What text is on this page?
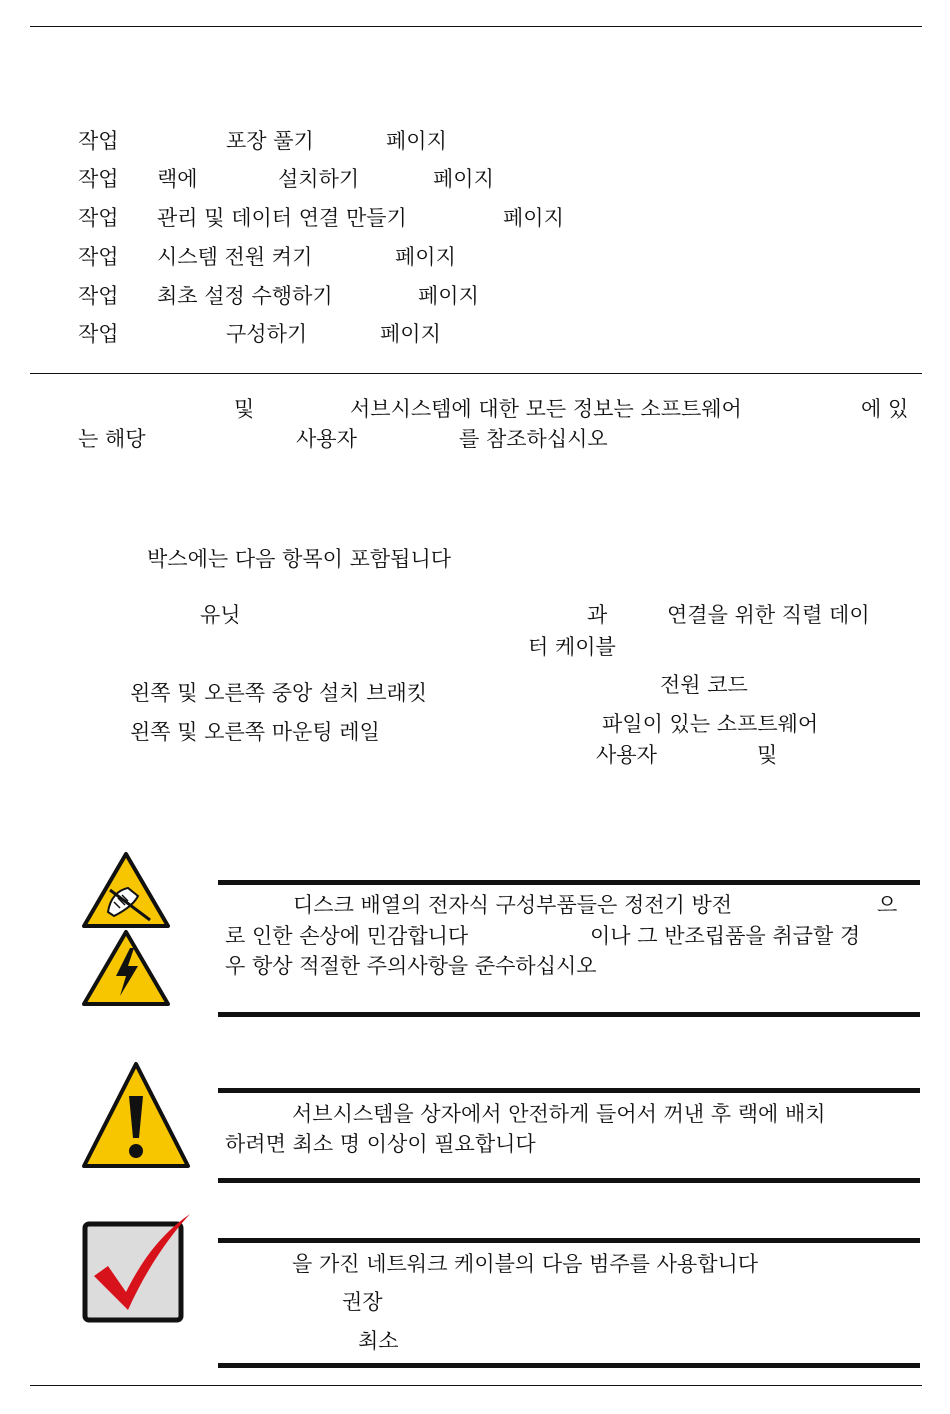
작업	포장 풀기	페이지
작업 랙에	설치하기	페이지
작업 관리 및 데이터 연결 만들기	페이지
작업 시스템 전원 켜기	페이지
작업 최초 설정 수행하기	페이지
작업	구성하기	페이지
및	서브시스템에 대한 모든 정보는 소프트웨어	에 있
는 해당	사용자	를 참조하십시오
박스에는 다음 항목이 포함됩니다
유닛
왼쪽 및 오른쪽 중앙 설치 브래킷
왼쪽 및 오른쪽 마운팅 레일
과	연결을 위한 직렬 데이
터 케이블
전원 코드
파일이 있는 소프트웨어
사용자	및
디스크 배열의 전자식 구성부품들은 정전기 방전	으
로 인한 손상에 민감합니다	이나 그 반조립품을 취급할 경
우 항상 적절한 주의사항을 준수하십시오
서브시스템을 상자에서 안전하게 들어서 꺼낸 후 랙에 배치
하려면 최소 명 이상이 필요합니다
을 가진 네트워크 케이블의 다음 범주를 사용합니다
권장
최소
